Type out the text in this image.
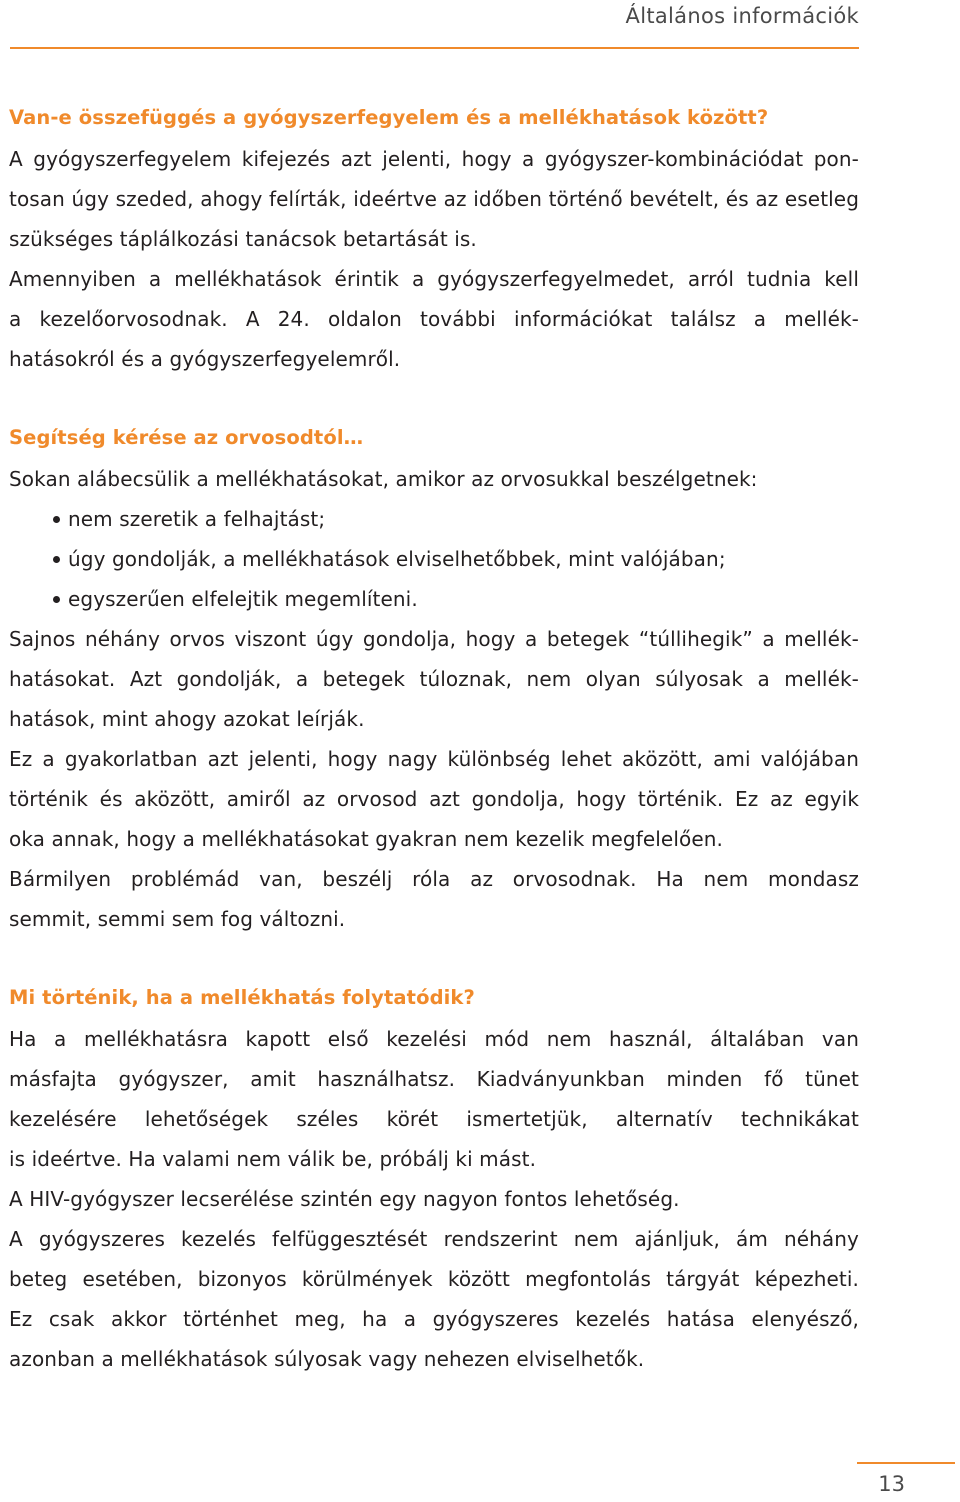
Általános információk
Van-e összefüggés a gyógyszerfegyelem és a mellékhatások között?
A gyógyszerfegyelem kifejezés azt jelenti, hogy a gyógyszer-kombinációdat pon-
tosan úgy szeded, ahogy felírták, ideértve az időben történő bevételt, és az esetleg
szükséges táplálkozási tanácsok betartását is.
Amennyiben a mellékhatások érintik a gyógyszerfegyelmedet, arról tudnia kell
a kezelőorvosodnak. A 24. oldalon további információkat találsz a mellék-
hatásokról és a gyógyszerfegyelemről.
Segítség kérése az orvosodtól…
Sokan alábecsülik a mellékhatásokat, amikor az orvosukkal beszélgetnek:
nem szeretik a felhajtást;
úgy gondolják, a mellékhatások elviselhetőbbek, mint valójában;
egyszerűen elfelejtik megemlíteni.
Sajnos néhány orvos viszont úgy gondolja, hogy a betegek “túllihegik” a mellék-
hatásokat. Azt gondolják, a betegek túloznak, nem olyan súlyosak a mellék-
hatások, mint ahogy azokat leírják.
Ez a gyakorlatban azt jelenti, hogy nagy különbség lehet aközött, ami valójában
történik és aközött, amiről az orvosod azt gondolja, hogy történik. Ez az egyik
oka annak, hogy a mellékhatásokat gyakran nem kezelik megfelelően.
Bármilyen problémád van, beszélj róla az orvosodnak. Ha nem mondasz
semmit, semmi sem fog változni.
Mi történik, ha a mellékhatás folytatódik?
Ha a mellékhatásra kapott első kezelési mód nem használ, általában van
másfajta gyógyszer, amit használhatsz. Kiadványunkban minden fő tünet
kezelésére lehetőségek széles körét ismertetjük, alternatív technikákat
is ideértve. Ha valami nem válik be, próbálj ki mást.
A HIV-gyógyszer lecserélése szintén egy nagyon fontos lehetőség.
A gyógyszeres kezelés felfüggesztését rendszerint nem ajánljuk, ám néhány
beteg esetében, bizonyos körülmények között megfontolás tárgyát képezheti.
Ez csak akkor történhet meg, ha a gyógyszeres kezelés hatása elenyésző,
azonban a mellékhatások súlyosak vagy nehezen elviselhetők.
13
